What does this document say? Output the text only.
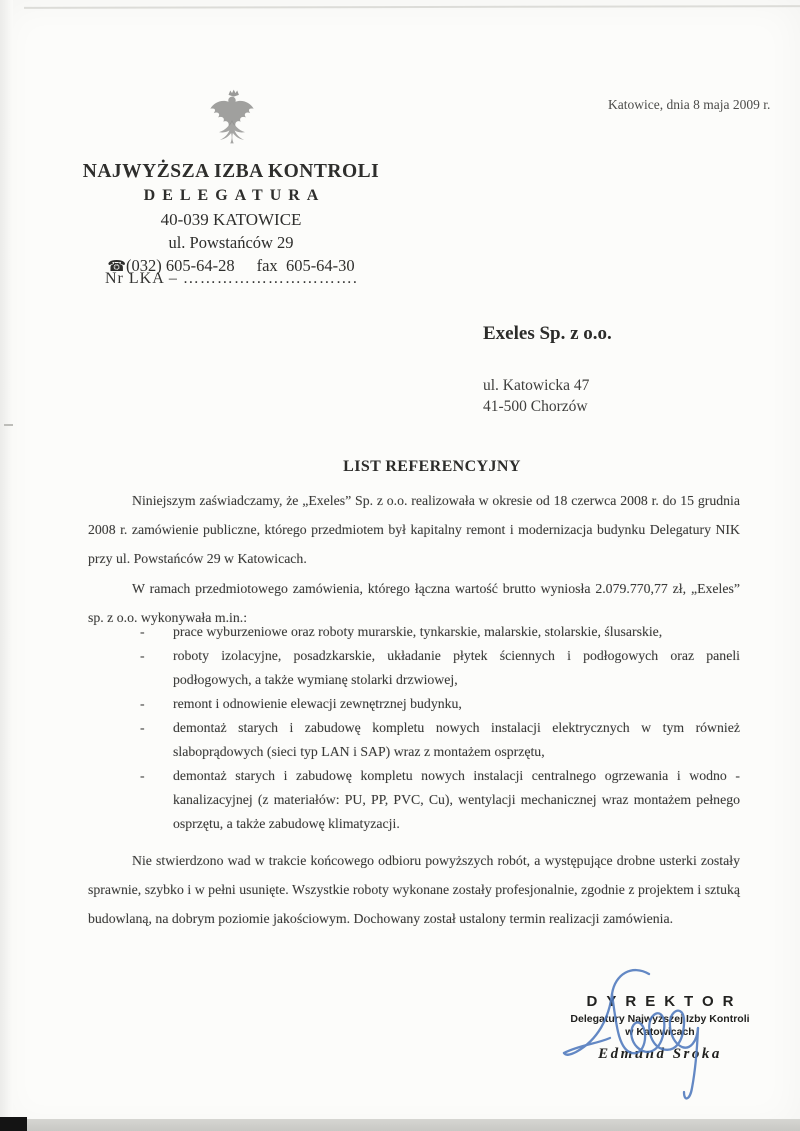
Katowice, dnia 8 maja 2009 r.
NAJWYŻSZA IZBA KONTROLI
DELEGATURA
40-039 KATOWICE
ul. Powstańców 29
☎(032) 605-64-28 fax 605-64-30
Nr LKA – ………………………….
Exeles Sp. z o.o.
ul. Katowicka 47
41-500 Chorzów
LIST REFERENCYJNY
Niniejszym zaświadczamy, że „Exeles” Sp. z o.o. realizowała w okresie od 18 czerwca 2008 r. do 15 grudnia 2008 r. zamówienie publiczne, którego przedmiotem był kapitalny remont i modernizacja budynku Delegatury NIK przy ul. Powstańców 29 w Katowicach.
W ramach przedmiotowego zamówienia, którego łączna wartość brutto wyniosła 2.079.770,77 zł, „Exeles” sp. z o.o. wykonywała m.in.:
- prace wyburzeniowe oraz roboty murarskie, tynkarskie, malarskie, stolarskie, ślusarskie,
- roboty izolacyjne, posadzkarskie, układanie płytek ściennych i podłogowych oraz paneli podłogowych, a także wymianę stolarki drzwiowej,
- remont i odnowienie elewacji zewnętrznej budynku,
- demontaż starych i zabudowę kompletu nowych instalacji elektrycznych w tym również slaboprądowych (sieci typ LAN i SAP) wraz z montażem osprzętu,
- demontaż starych i zabudowę kompletu nowych instalacji centralnego ogrzewania i wodno - kanalizacyjnej (z materiałów: PU, PP, PVC, Cu), wentylacji mechanicznej wraz montażem pełnego osprzętu, a także zabudowę klimatyzacji.
Nie stwierdzono wad w trakcie końcowego odbioru powyższych robót, a występujące drobne usterki zostały sprawnie, szybko i w pełni usunięte. Wszystkie roboty wykonane zostały profesjonalnie, zgodnie z projektem i sztuką budowlaną, na dobrym poziomie jakościowym. Dochowany został ustalony termin realizacji zamówienia.
DYREKTOR
Delegatury Najwyższej Izby Kontroli
w Katowicach
Edmund Sroka
